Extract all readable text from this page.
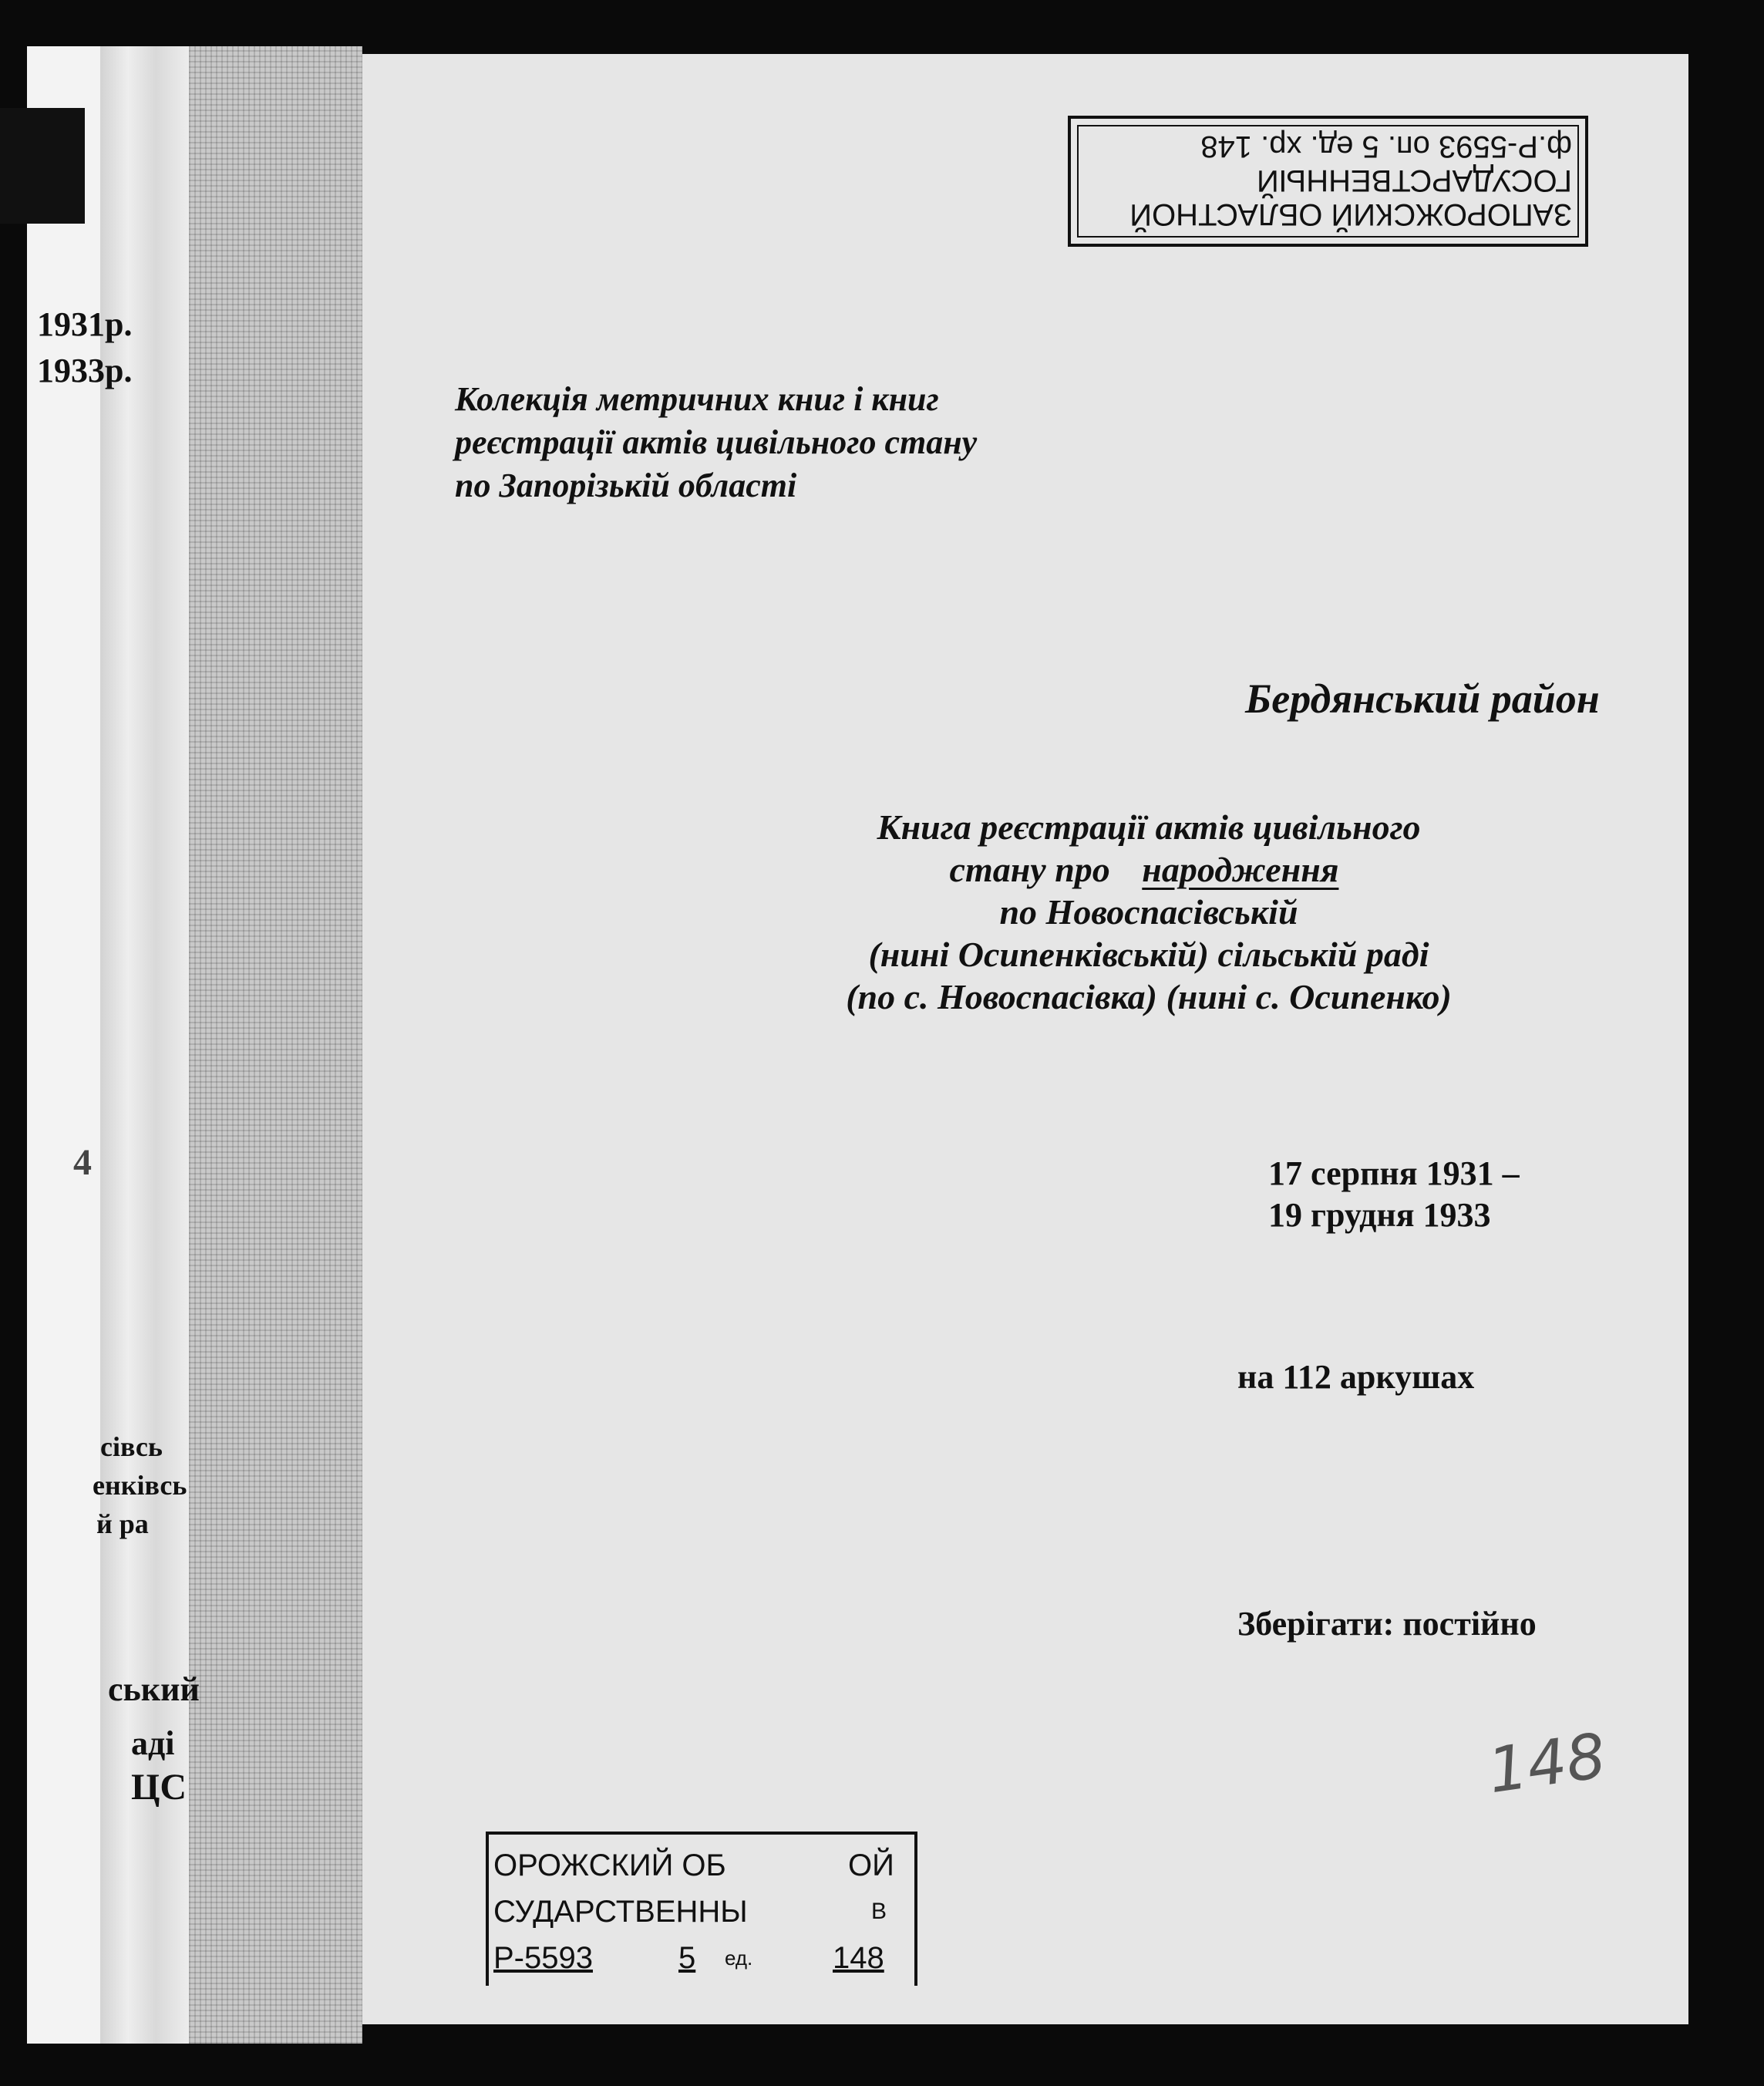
1931р.
1933р.
4
сівсь
енківсь
й ра
ський
аді
ЦС
ЗАПОРОЖСКИЙ ОБЛАСТНОЙ
ГОСУДАРСТВЕННЫЙ
ф.Р-5593 оп. 5 ед. хр. 148
Колекція метричних книг і книг
реєстрації актів цивільного стану
по Запорізькій області
Бердянський район
Книга реєстрації актів цивільного
стану про народження
по Новоспасівській
(нині Осипенківській) сільській раді
(по с. Новоспасівка) (нині с. Осипенко)
17 серпня 1931 –
19 грудня 1933
на 112 аркушах
Зберігати: постійно
148
ОРОЖСКИЙ ОБ	ОЙ
СУДАРСТВЕННЫ	В
Р-5593	5 ед.	148
